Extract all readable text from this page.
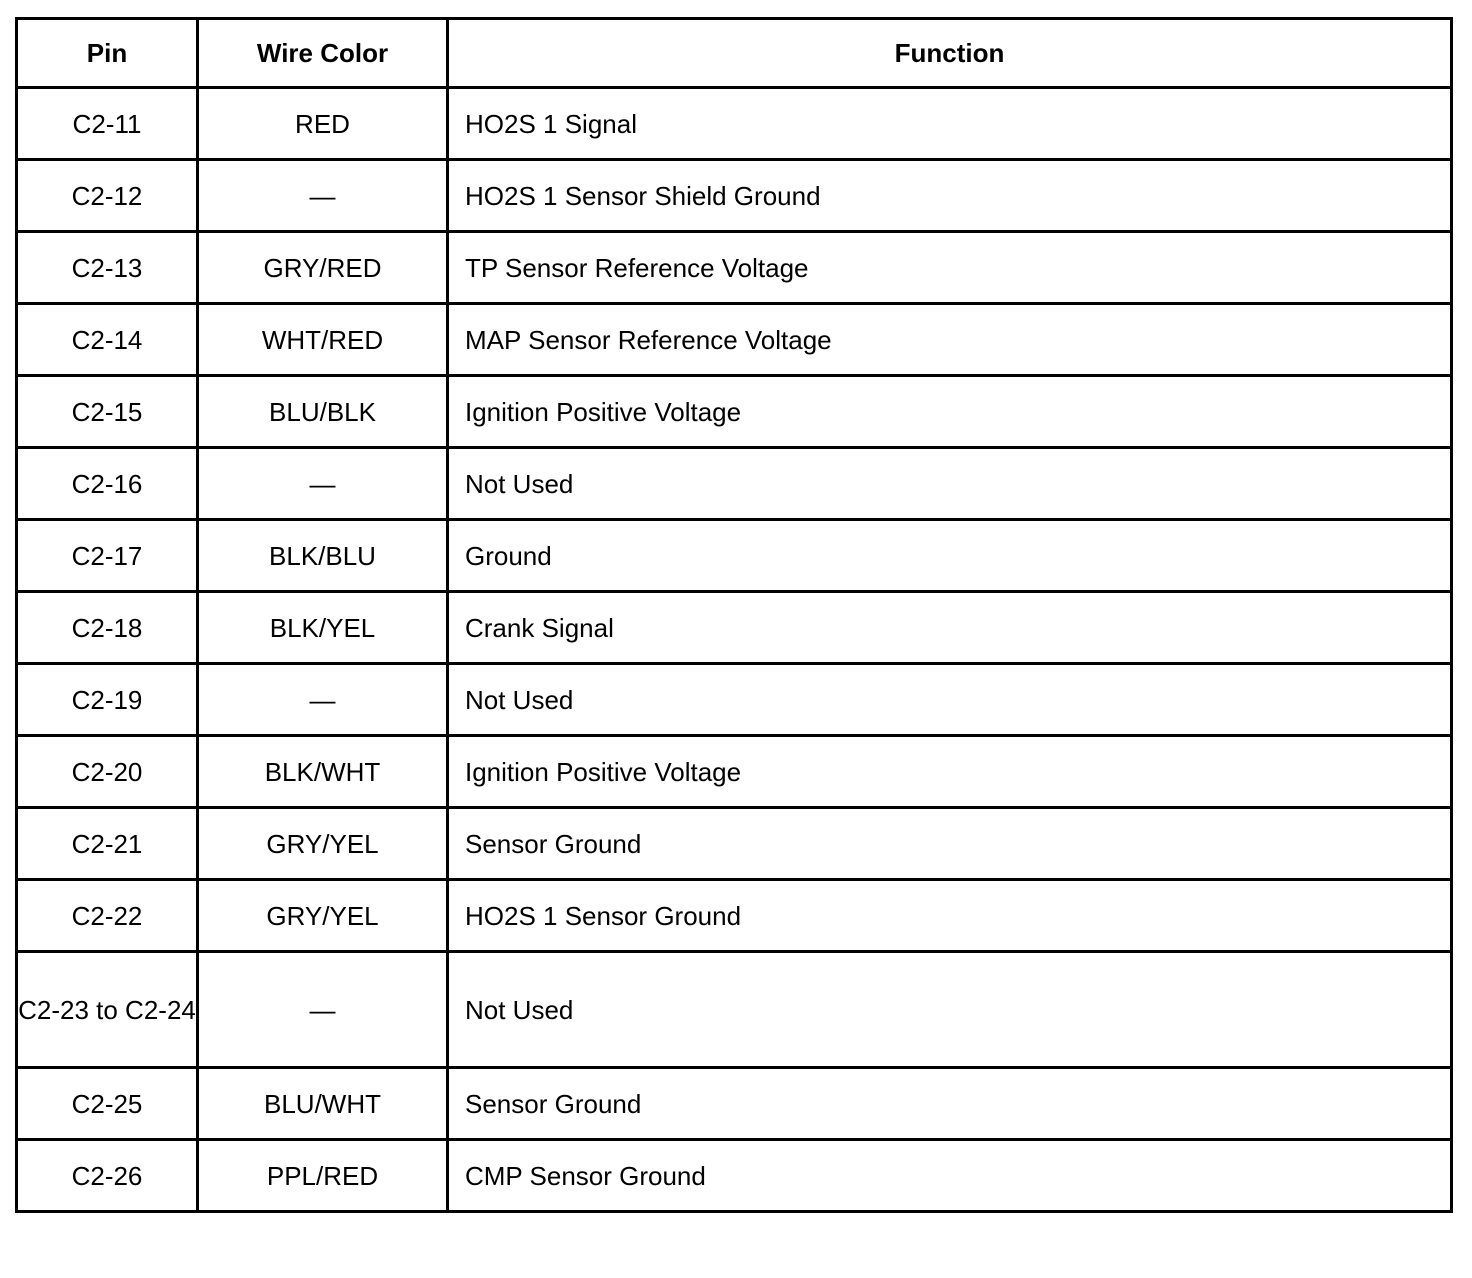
Pin	Wire Color	Function
C2-11	RED	HO2S 1 Signal
C2-12	—	HO2S 1 Sensor Shield Ground
C2-13	GRY/RED	TP Sensor Reference Voltage
C2-14	WHT/RED	MAP Sensor Reference Voltage
C2-15	BLU/BLK	Ignition Positive Voltage
C2-16	—	Not Used
C2-17	BLK/BLU	Ground
C2-18	BLK/YEL	Crank Signal
C2-19	—	Not Used
C2-20	BLK/WHT	Ignition Positive Voltage
C2-21	GRY/YEL	Sensor Ground
C2-22	GRY/YEL	HO2S 1 Sensor Ground
C2-23 to C2-24	—	Not Used
C2-25	BLU/WHT	Sensor Ground
C2-26	PPL/RED	CMP Sensor Ground
